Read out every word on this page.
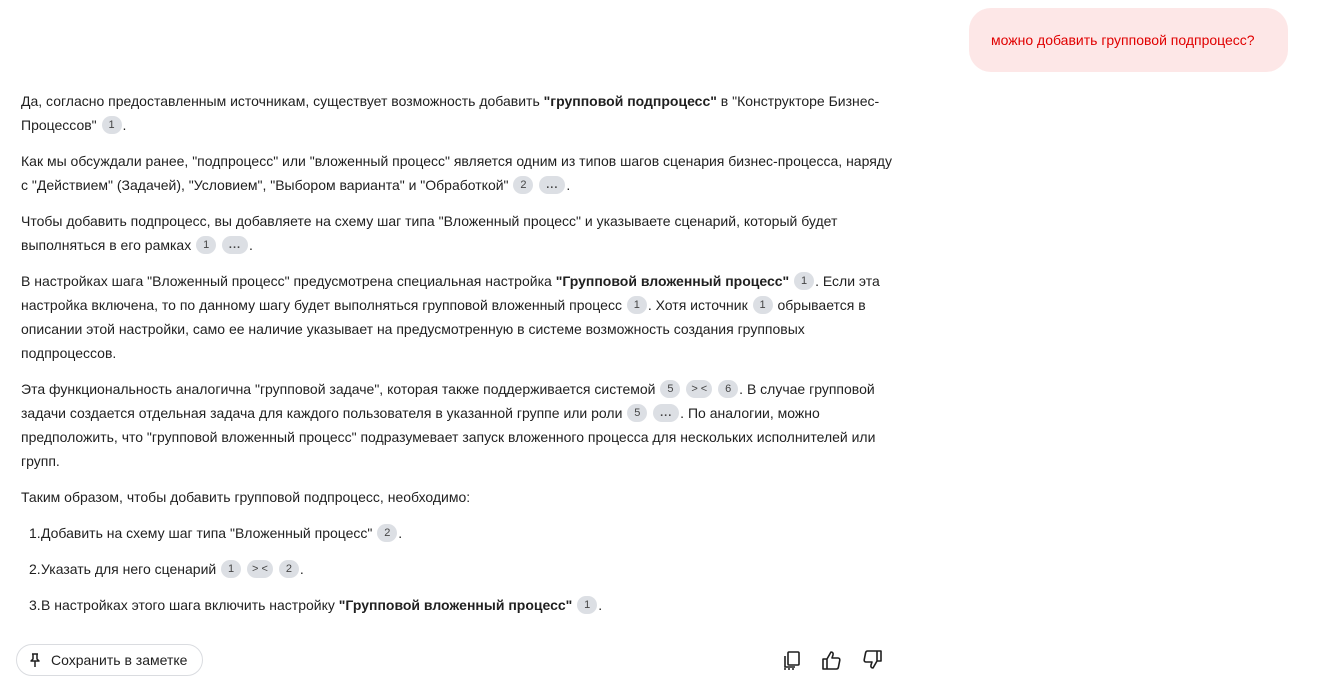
можно добавить групповой подпроцесс?

Да, согласно предоставленным источникам, существует возможность добавить "групповой подпроцесс" в "Конструкторе Бизнес-Процессов" 1 .

Как мы обсуждали ранее, "подпроцесс" или "вложенный процесс" является одним из типов шагов сценария бизнес-процесса, наряду с "Действием" (Задачей), "Условием", "Выбором варианта" и "Обработкой" 2 ... .

Чтобы добавить подпроцесс, вы добавляете на схему шаг типа "Вложенный процесс" и указываете сценарий, который будет выполняться в его рамках 1 ... .

В настройках шага "Вложенный процесс" предусмотрена специальная настройка "Групповой вложенный процесс" 1 . Если эта настройка включена, то по данному шагу будет выполняться групповой вложенный процесс 1 . Хотя источник 1 обрывается в описании этой настройки, само ее наличие указывает на предусмотренную в системе возможность создания групповых подпроцессов.

Эта функциональность аналогична "групповой задаче", которая также поддерживается системой 5 > < 6 . В случае групповой задачи создается отдельная задача для каждого пользователя в указанной группе или роли 5 ... . По аналогии, можно предположить, что "групповой вложенный процесс" подразумевает запуск вложенного процесса для нескольких исполнителей или групп.

Таким образом, чтобы добавить групповой подпроцесс, необходимо:

1.Добавить на схему шаг типа "Вложенный процесс" 2 .
2.Указать для него сценарий 1 > < 2 .
3.В настройках этого шага включить настройку "Групповой вложенный процесс" 1 .
Сохранить в заметке
